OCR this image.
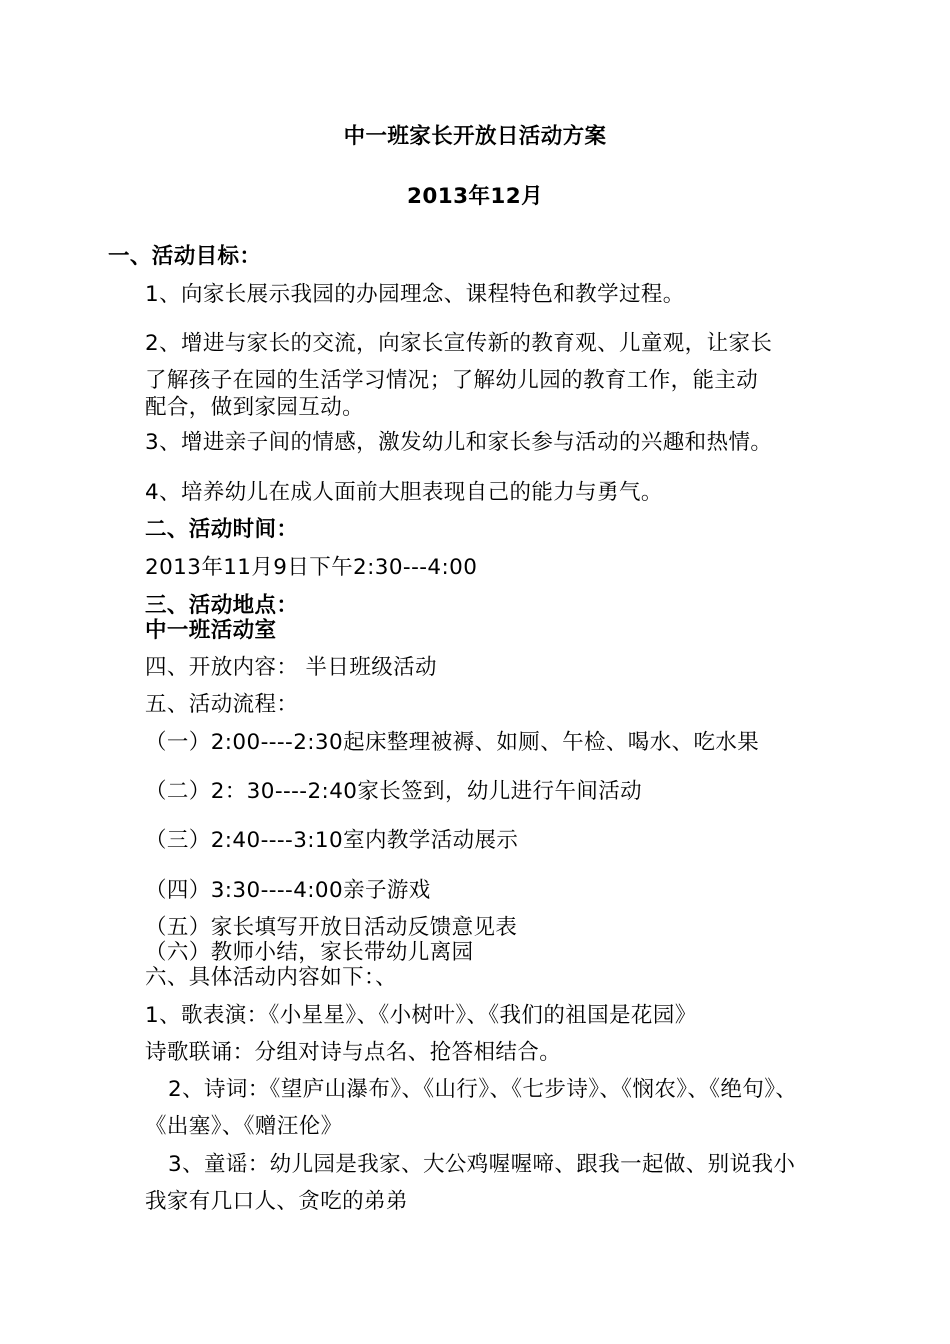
中一班家长开放日活动方案
2013年12月
一、活动目标：
1、向家长展示我园的办园理念、课程特色和教学过程。
2、增进与家长的交流，向家长宣传新的教育观、儿童观，让家长
了解孩子在园的生活学习情况；了解幼儿园的教育工作，能主动
配合，做到家园互动。
3、增进亲子间的情感，激发幼儿和家长参与活动的兴趣和热情。
4、培养幼儿在成人面前大胆表现自己的能力与勇气。
二、活动时间：
2013年11月9日下午2:30---4:00
三、活动地点：
中一班活动室
四、开放内容： 半日班级活动
五、活动流程：
（一）2:00----2:30起床整理被褥、如厕、午检、喝水、吃水果
（二）2：30----2:40家长签到，幼儿进行午间活动
（三）2:40----3:10室内教学活动展示
（四）3:30----4:00亲子游戏
（五）家长填写开放日活动反馈意见表
（六）教师小结，家长带幼儿离园
六、具体活动内容如下：、
1、歌表演：《小星星》、《小树叶》、《我们的祖国是花园》
诗歌联诵：分组对诗与点名、抢答相结合。
2、诗词：《望庐山瀑布》、《山行》、《七步诗》、《悯农》、《绝句》、
《出塞》、《赠汪伦》
3、童谣：幼儿园是我家、大公鸡喔喔啼、跟我一起做、别说我小
我家有几口人、贪吃的弟弟
